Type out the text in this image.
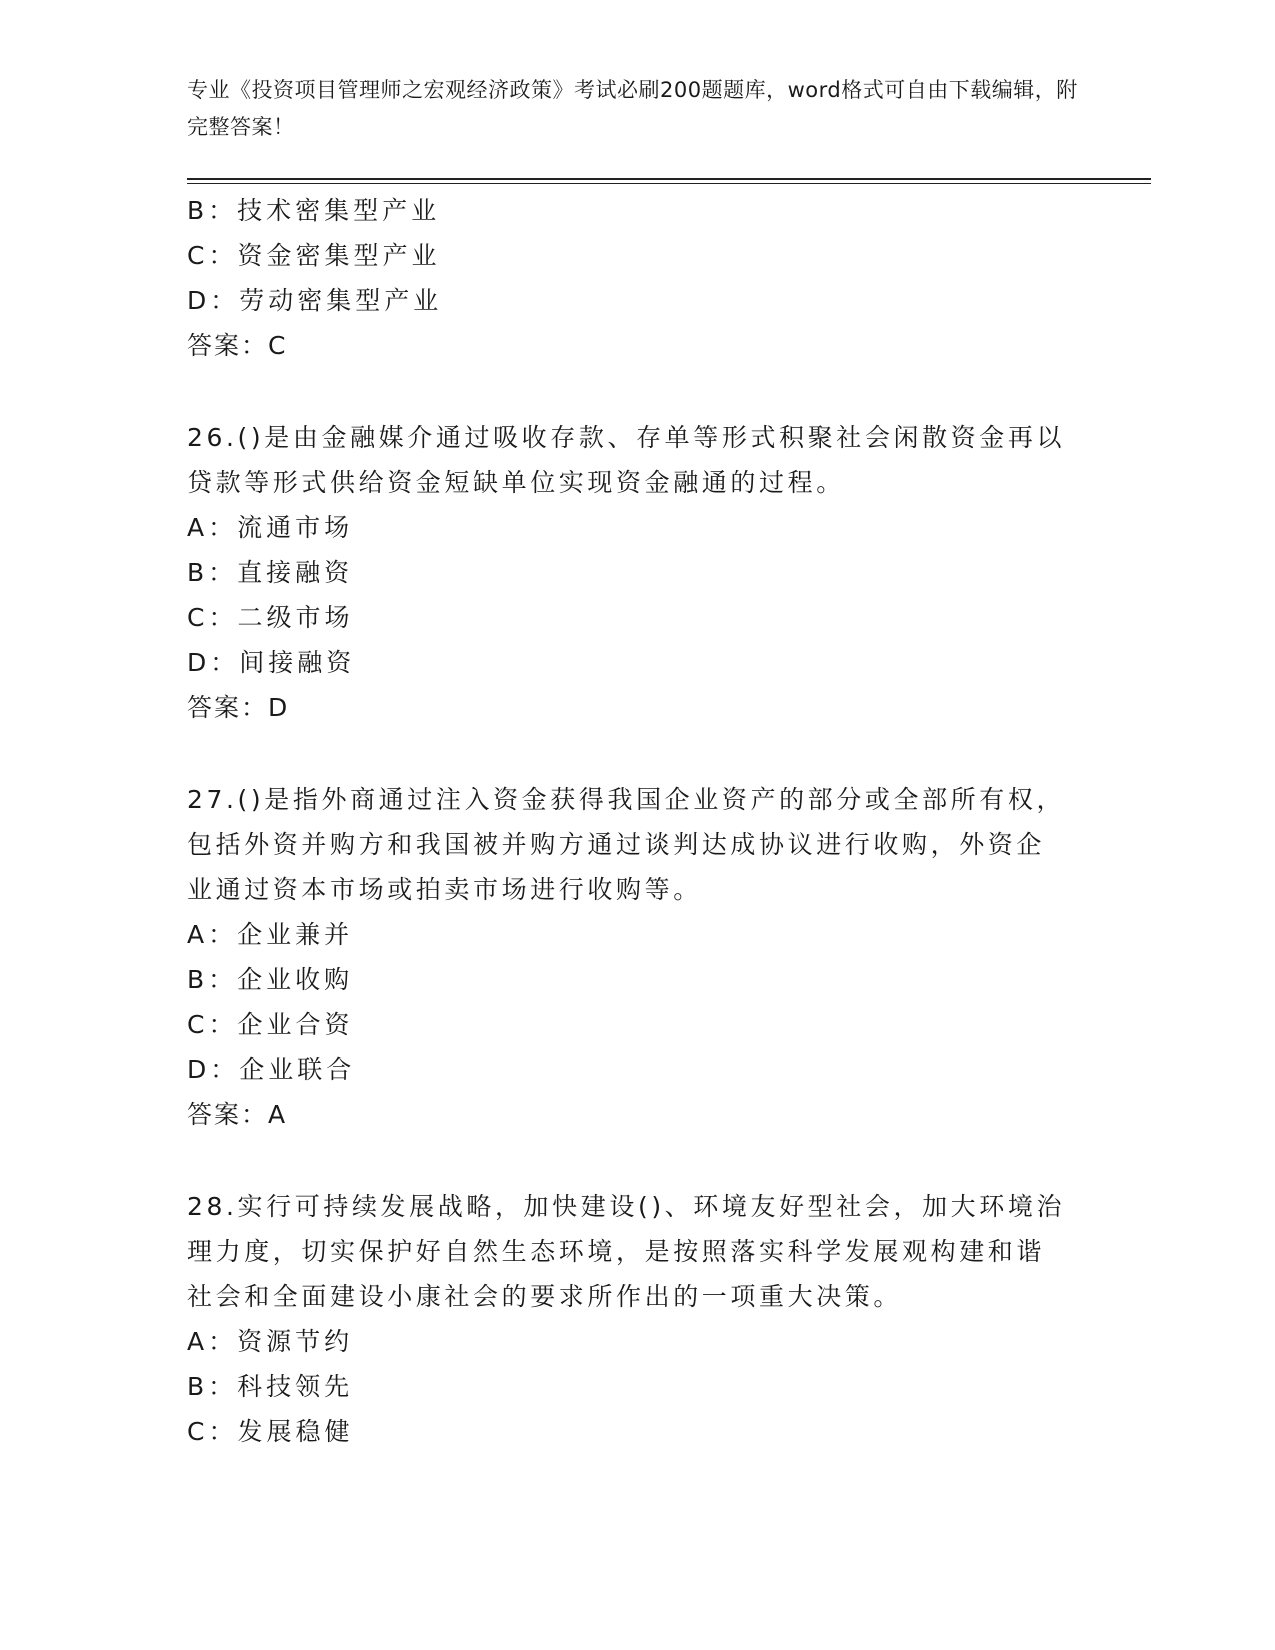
专业《投资项目管理师之宏观经济政策》考试必刷200题题库，word格式可自由下载编辑，附完整答案！
B：技术密集型产业
C：资金密集型产业
D：劳动密集型产业
答案：C
26.()是由金融媒介通过吸收存款、存单等形式积聚社会闲散资金再以贷款等形式供给资金短缺单位实现资金融通的过程。
A：流通市场
B：直接融资
C：二级市场
D：间接融资
答案：D
27.()是指外商通过注入资金获得我国企业资产的部分或全部所有权，包括外资并购方和我国被并购方通过谈判达成协议进行收购，外资企业通过资本市场或拍卖市场进行收购等。
A：企业兼并
B：企业收购
C：企业合资
D：企业联合
答案：A
28.实行可持续发展战略，加快建设()、环境友好型社会，加大环境治理力度，切实保护好自然生态环境，是按照落实科学发展观构建和谐社会和全面建设小康社会的要求所作出的一项重大决策。
A：资源节约
B：科技领先
C：发展稳健
